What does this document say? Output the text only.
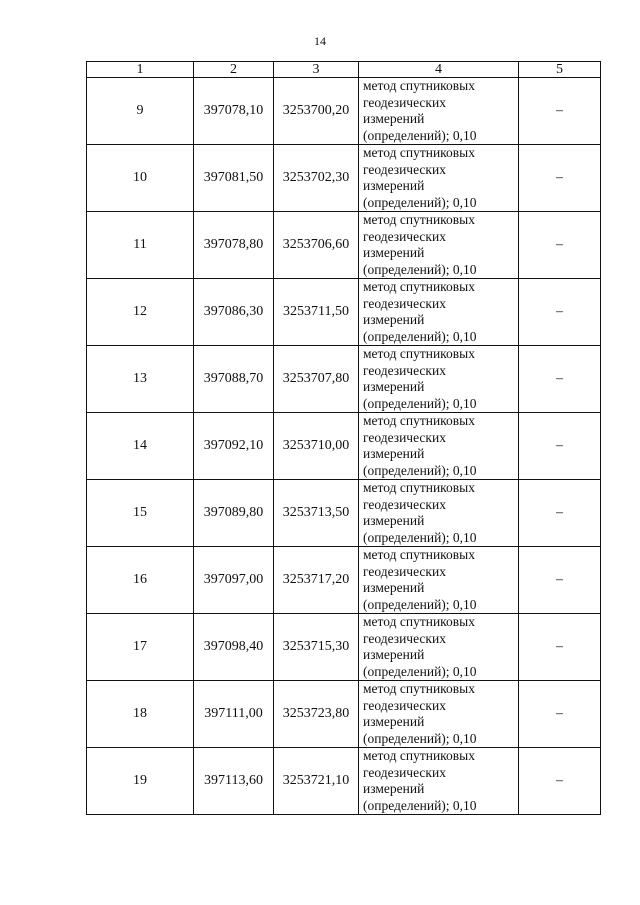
14
1	2	3	4	5
9	397078,10	3253700,20	метод спутниковых
геодезических
измерений
(определений); 0,10	–
10	397081,50	3253702,30	метод спутниковых
геодезических
измерений
(определений); 0,10	–
11	397078,80	3253706,60	метод спутниковых
геодезических
измерений
(определений); 0,10	–
12	397086,30	3253711,50	метод спутниковых
геодезических
измерений
(определений); 0,10	–
13	397088,70	3253707,80	метод спутниковых
геодезических
измерений
(определений); 0,10	–
14	397092,10	3253710,00	метод спутниковых
геодезических
измерений
(определений); 0,10	–
15	397089,80	3253713,50	метод спутниковых
геодезических
измерений
(определений); 0,10	–
16	397097,00	3253717,20	метод спутниковых
геодезических
измерений
(определений); 0,10	–
17	397098,40	3253715,30	метод спутниковых
геодезических
измерений
(определений); 0,10	–
18	397111,00	3253723,80	метод спутниковых
геодезических
измерений
(определений); 0,10	–
19	397113,60	3253721,10	метод спутниковых
геодезических
измерений
(определений); 0,10	–
